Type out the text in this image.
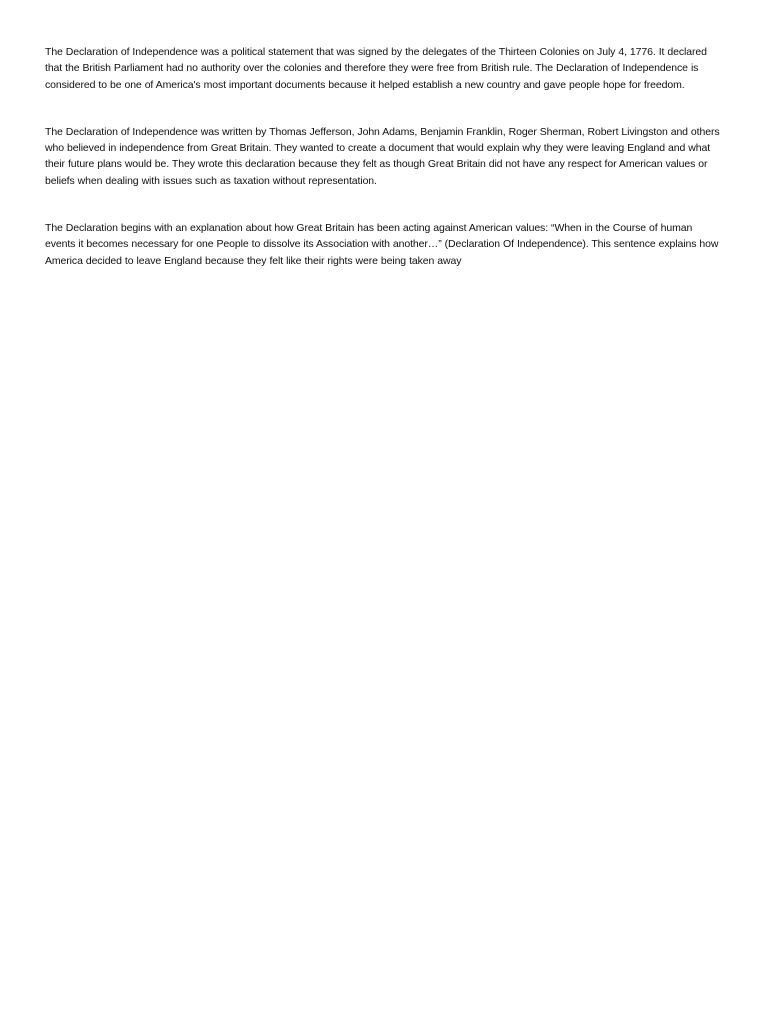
The Declaration of Independence was a political statement that was signed by the delegates of the Thirteen Colonies on July 4, 1776. It declared that the British Parliament had no authority over the colonies and therefore they were free from British rule. The Declaration of Independence is considered to be one of America's most important documents because it helped establish a new country and gave people hope for freedom.

The Declaration of Independence was written by Thomas Jefferson, John Adams, Benjamin Franklin, Roger Sherman, Robert Livingston and others who believed in independence from Great Britain. They wanted to create a document that would explain why they were leaving England and what their future plans would be. They wrote this declaration because they felt as though Great Britain did not have any respect for American values or beliefs when dealing with issues such as taxation without representation.

The Declaration begins with an explanation about how Great Britain has been acting against American values: “When in the Course of human events it becomes necessary for one People to dissolve its Association with another…” (Declaration Of Independence). This sentence explains how America decided to leave England because they felt like their rights were being taken away
